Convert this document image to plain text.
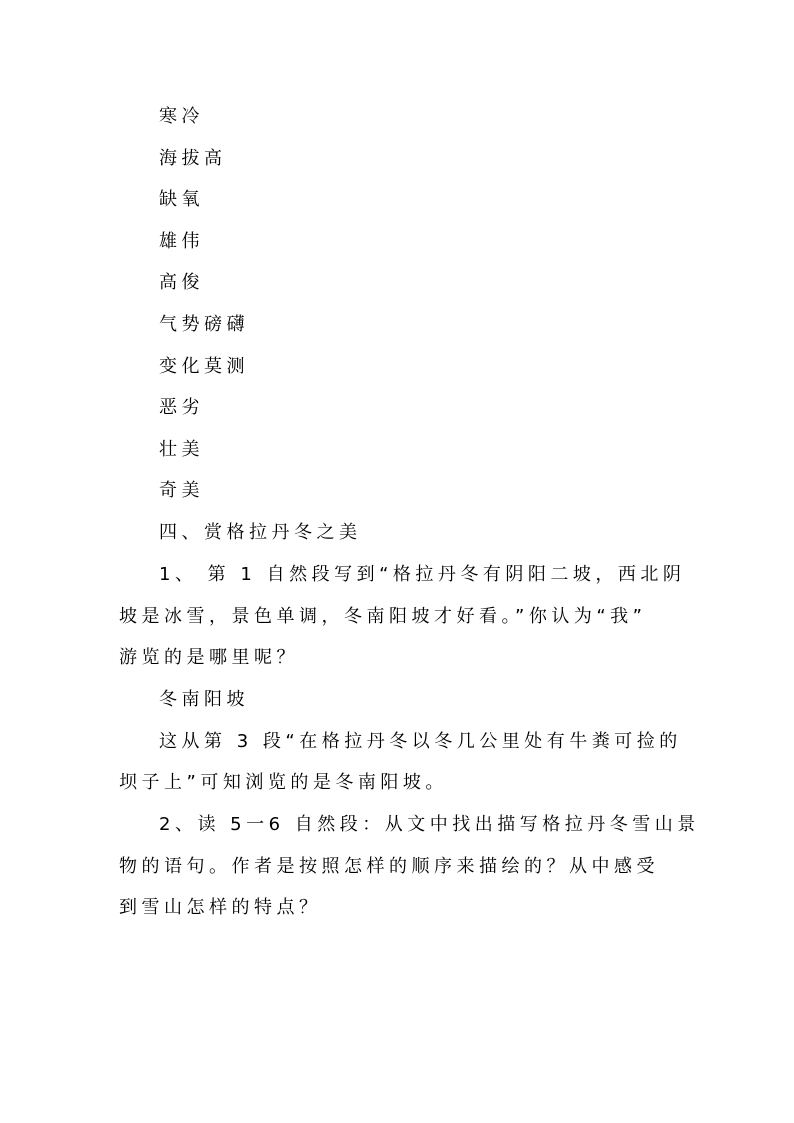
寒冷
海拔高
缺氧
雄伟
高俊
气势磅礴
变化莫测
恶劣
壮美
奇美
四、赏格拉丹冬之美
1、 第 1 自然段写到“格拉丹冬有阴阳二坡，西北阴
坡是冰雪，景色单调，冬南阳坡才好看。”你认为“我”
游览的是哪里呢？
冬南阳坡
这从第 3 段“在格拉丹冬以冬几公里处有牛粪可捡的
坝子上”可知浏览的是冬南阳坡。
2、读 5一6 自然段：从文中找出描写格拉丹冬雪山景
物的语句。作者是按照怎样的顺序来描绘的？从中感受
到雪山怎样的特点？
